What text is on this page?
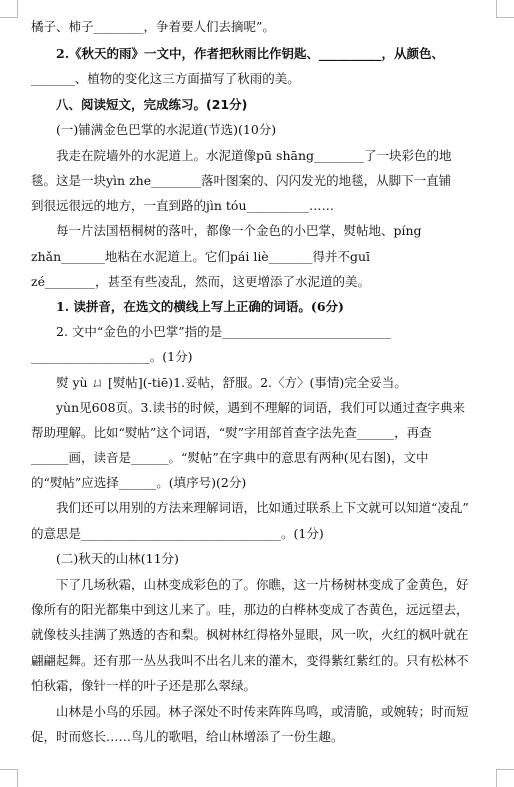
橘子、柿子________，争着要人们去摘呢”。
2.《秋天的雨》一文中，作者把秋雨比作钥匙、__________，从颜色、
_______、植物的变化这三方面描写了秋雨的美。
八、阅读短文，完成练习。(21分)
(一)铺满金色巴掌的水泥道(节选)(10分)
我走在院墙外的水泥道上。水泥道像pū shāng________了一块彩色的地
毯。这是一块yìn zhe________落叶图案的、闪闪发光的地毯，从脚下一直铺
到很远很远的地方，一直到路的jìn tóu__________……
每一片法国梧桐树的落叶，都像一个金色的小巴掌，熨帖地、píng
zhǎn_______地粘在水泥道上。它们pái liè_______得并不guī
zé________，甚至有些凌乱，然而，这更增添了水泥道的美。
1. 读拼音，在选文的横线上写上正确的词语。(6分)
2. 文中“金色的小巴掌”指的是___________________________
___________________。(1分)
熨 yù ㄩ [熨帖](-tiē)1.妥帖，舒服。2.〈方〉(事情)完全妥当。
yùn见608页。3.读书的时候，遇到不理解的词语，我们可以通过查字典来
帮助理解。比如“熨帖”这个词语，“熨”字用部首查字法先查______，再查
______画，读音是______。“熨帖”在字典中的意思有两种(见右图)，文中
的“熨帖”应选择______。(填序号)(2分)
我们还可以用别的方法来理解词语，比如通过联系上下文就可以知道“凌乱”
的意思是________________________________。(1分)
(二)秋天的山林(11分)
下了几场秋霜，山林变成彩色的了。你瞧，这一片杨树林变成了金黄色，好
像所有的阳光都集中到这儿来了。哇，那边的白桦林变成了杏黄色，远远望去，
就像枝头挂满了熟透的杏和梨。枫树林红得格外显眼，风一吹，火红的枫叶就在
翩翩起舞。还有那一丛丛我叫不出名儿来的灌木，变得紫红紫红的。只有松林不
怕秋霜，像针一样的叶子还是那么翠绿。
山林是小鸟的乐园。林子深处不时传来阵阵鸟鸣，或清脆，或婉转；时而短
促，时而悠长……鸟儿的歌唱，给山林增添了一份生趣。
